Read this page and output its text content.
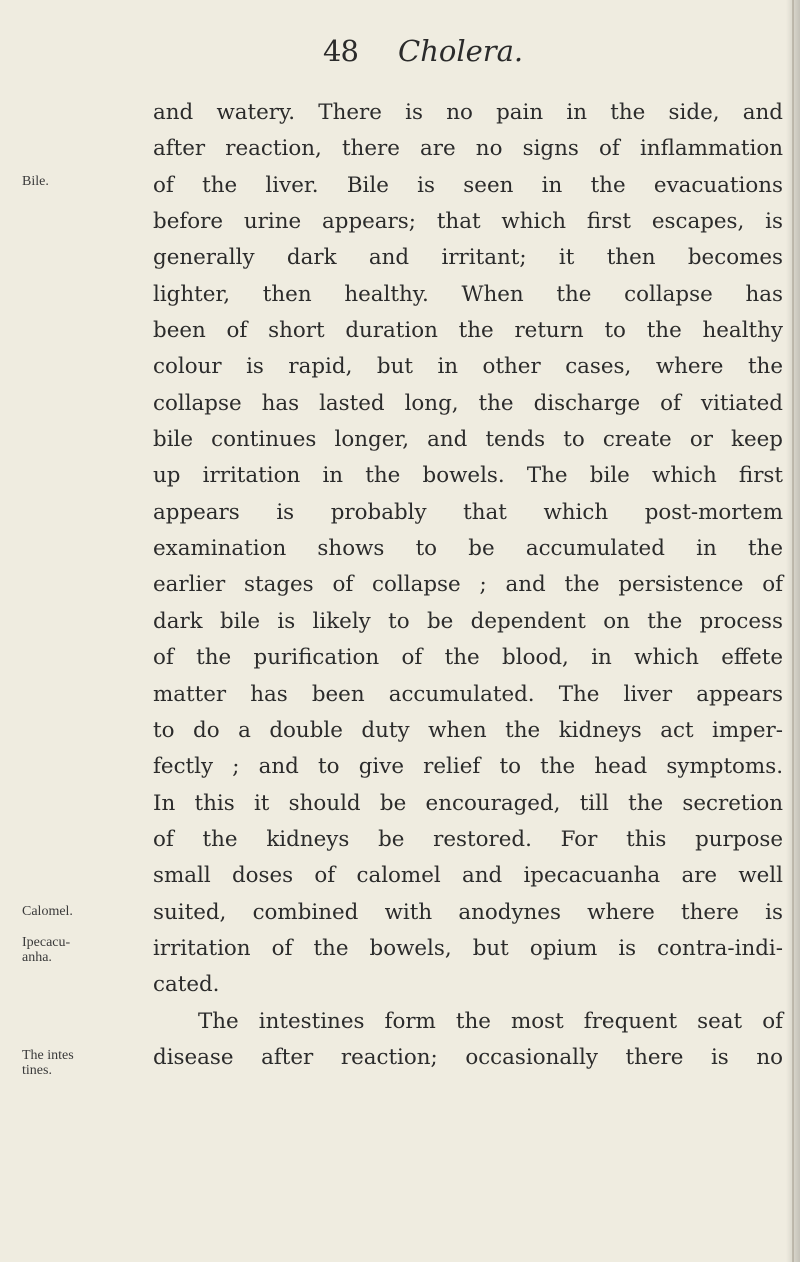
48 Cholera.
Bile.
Calomel.
Ipecacu-
anha.
The intes
tines.
and watery. There is no pain in the side, and
after reaction, there are no signs of inflammation
of the liver. Bile is seen in the evacuations
before urine appears; that which first escapes, is
generally dark and irritant; it then becomes
lighter, then healthy. When the collapse has
been of short duration the return to the healthy
colour is rapid, but in other cases, where the
collapse has lasted long, the discharge of vitiated
bile continues longer, and tends to create or keep
up irritation in the bowels. The bile which first
appears is probably that which post-mortem
examination shows to be accumulated in the
earlier stages of collapse ; and the persistence of
dark bile is likely to be dependent on the process
of the purification of the blood, in which effete
matter has been accumulated. The liver appears
to do a double duty when the kidneys act imper-
fectly ; and to give relief to the head symptoms.
In this it should be encouraged, till the secretion
of the kidneys be restored. For this purpose
small doses of calomel and ipecacuanha are well
suited, combined with anodynes where there is
irritation of the bowels, but opium is contra-indi-
cated.
The intestines form the most frequent seat of
disease after reaction; occasionally there is no
